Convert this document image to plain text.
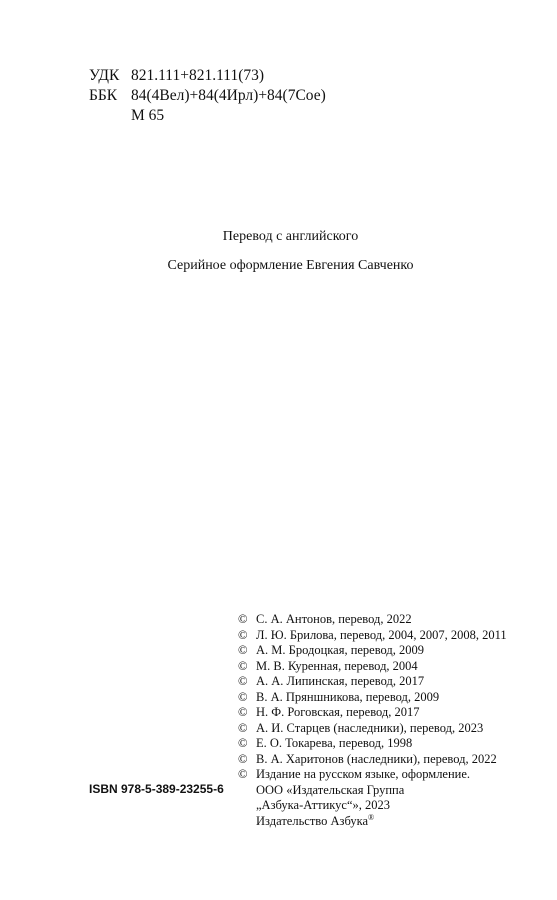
УДК 821.111+821.111(73)
ББК 84(4Вел)+84(4Ирл)+84(7Сое)
М 65
Перевод с английского
Серийное оформление Евгения Савченко
© С. А. Антонов, перевод, 2022
© Л. Ю. Брилова, перевод, 2004, 2007, 2008, 2011
© А. М. Бродоцкая, перевод, 2009
© М. В. Куренная, перевод, 2004
© А. А. Липинская, перевод, 2017
© В. А. Пряншникова, перевод, 2009
© Н. Ф. Роговская, перевод, 2017
© А. И. Старцев (наследники), перевод, 2023
© Е. О. Токарева, перевод, 1998
© В. А. Харитонов (наследники), перевод, 2022
© Издание на русском языке, оформление.
ООО «Издательская Группа
„Азбука-Аттикус“», 2023
Издательство Азбука®
ISBN 978-5-389-23255-6
